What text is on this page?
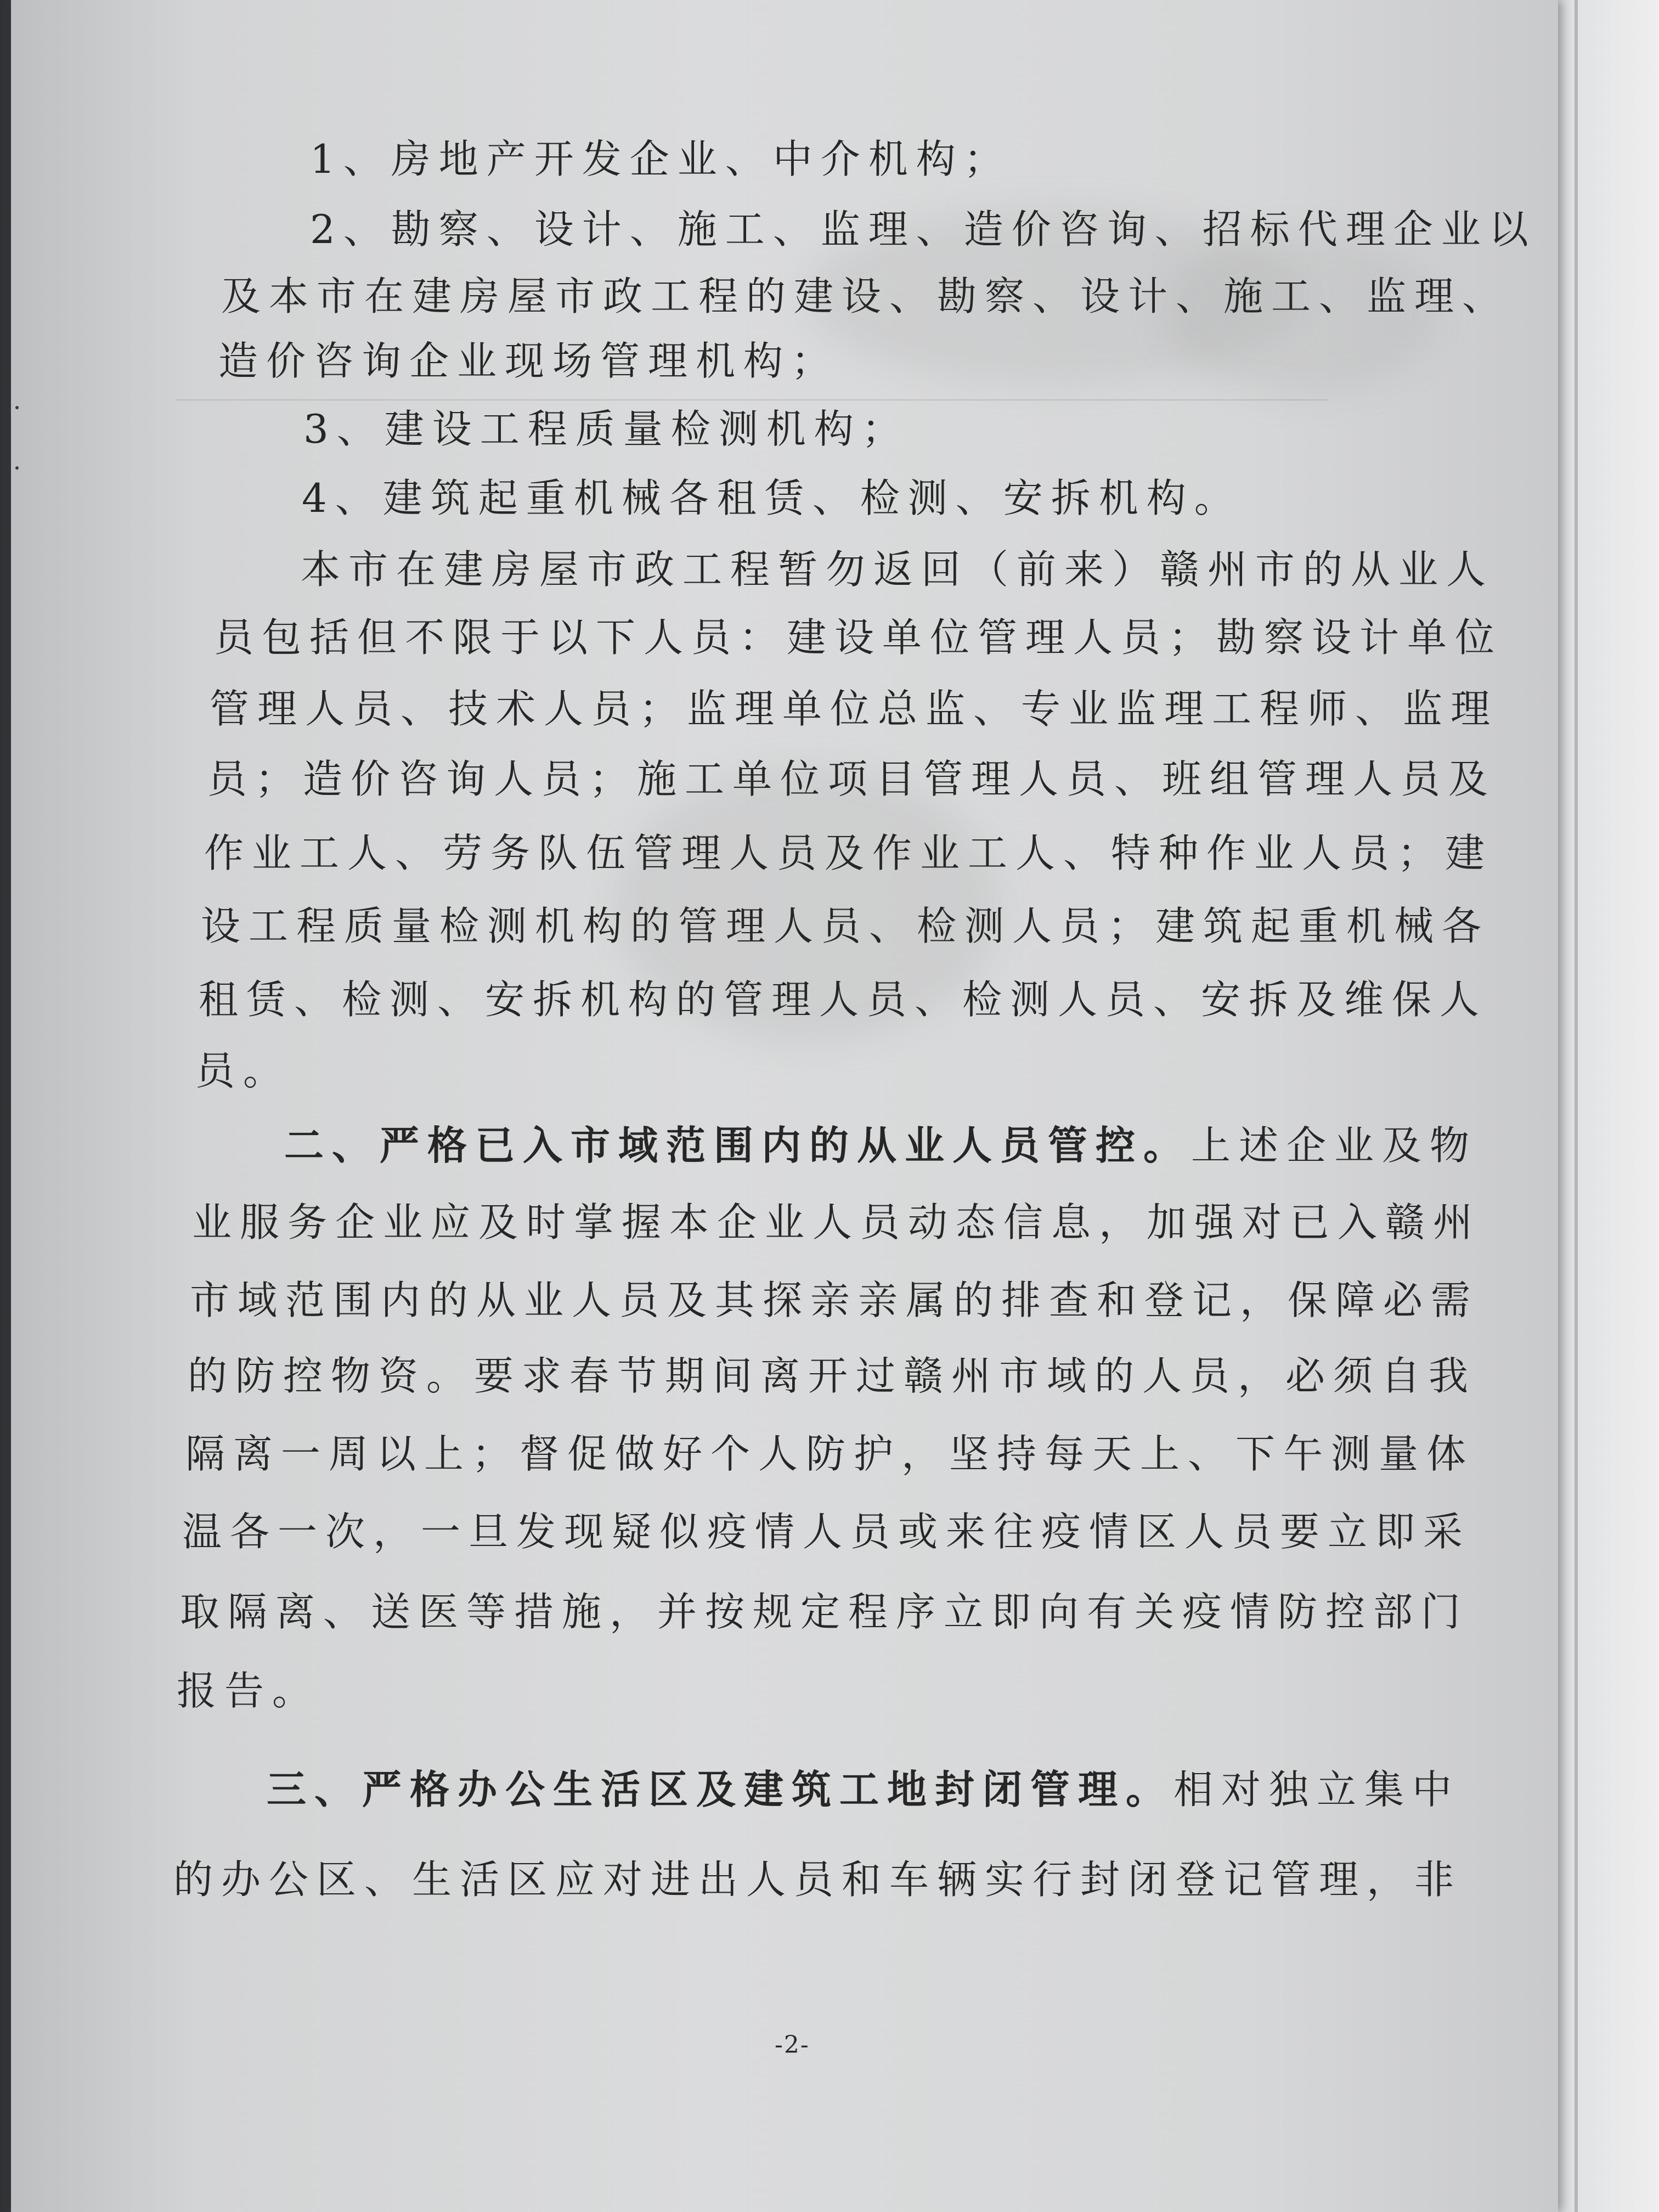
1、房地产开发企业、中介机构；
2、勘察、设计、施工、监理、造价咨询、招标代理企业以
及本市在建房屋市政工程的建设、勘察、设计、施工、监理、
造价咨询企业现场管理机构；
3、建设工程质量检测机构；
4、建筑起重机械各租赁、检测、安拆机构。
本市在建房屋市政工程暂勿返回（前来）赣州市的从业人
员包括但不限于以下人员：建设单位管理人员；勘察设计单位
管理人员、技术人员；监理单位总监、专业监理工程师、监理
员；造价咨询人员；施工单位项目管理人员、班组管理人员及
作业工人、劳务队伍管理人员及作业工人、特种作业人员；建
设工程质量检测机构的管理人员、检测人员；建筑起重机械各
租赁、检测、安拆机构的管理人员、检测人员、安拆及维保人
员。
二、严格已入市域范围内的从业人员管控。上述企业及物
业服务企业应及时掌握本企业人员动态信息，加强对已入赣州
市域范围内的从业人员及其探亲亲属的排查和登记，保障必需
的防控物资。要求春节期间离开过赣州市域的人员，必须自我
隔离一周以上；督促做好个人防护，坚持每天上、下午测量体
温各一次，一旦发现疑似疫情人员或来往疫情区人员要立即采
取隔离、送医等措施，并按规定程序立即向有关疫情防控部门
报告。
三、严格办公生活区及建筑工地封闭管理。相对独立集中
的办公区、生活区应对进出人员和车辆实行封闭登记管理，非
-2-
